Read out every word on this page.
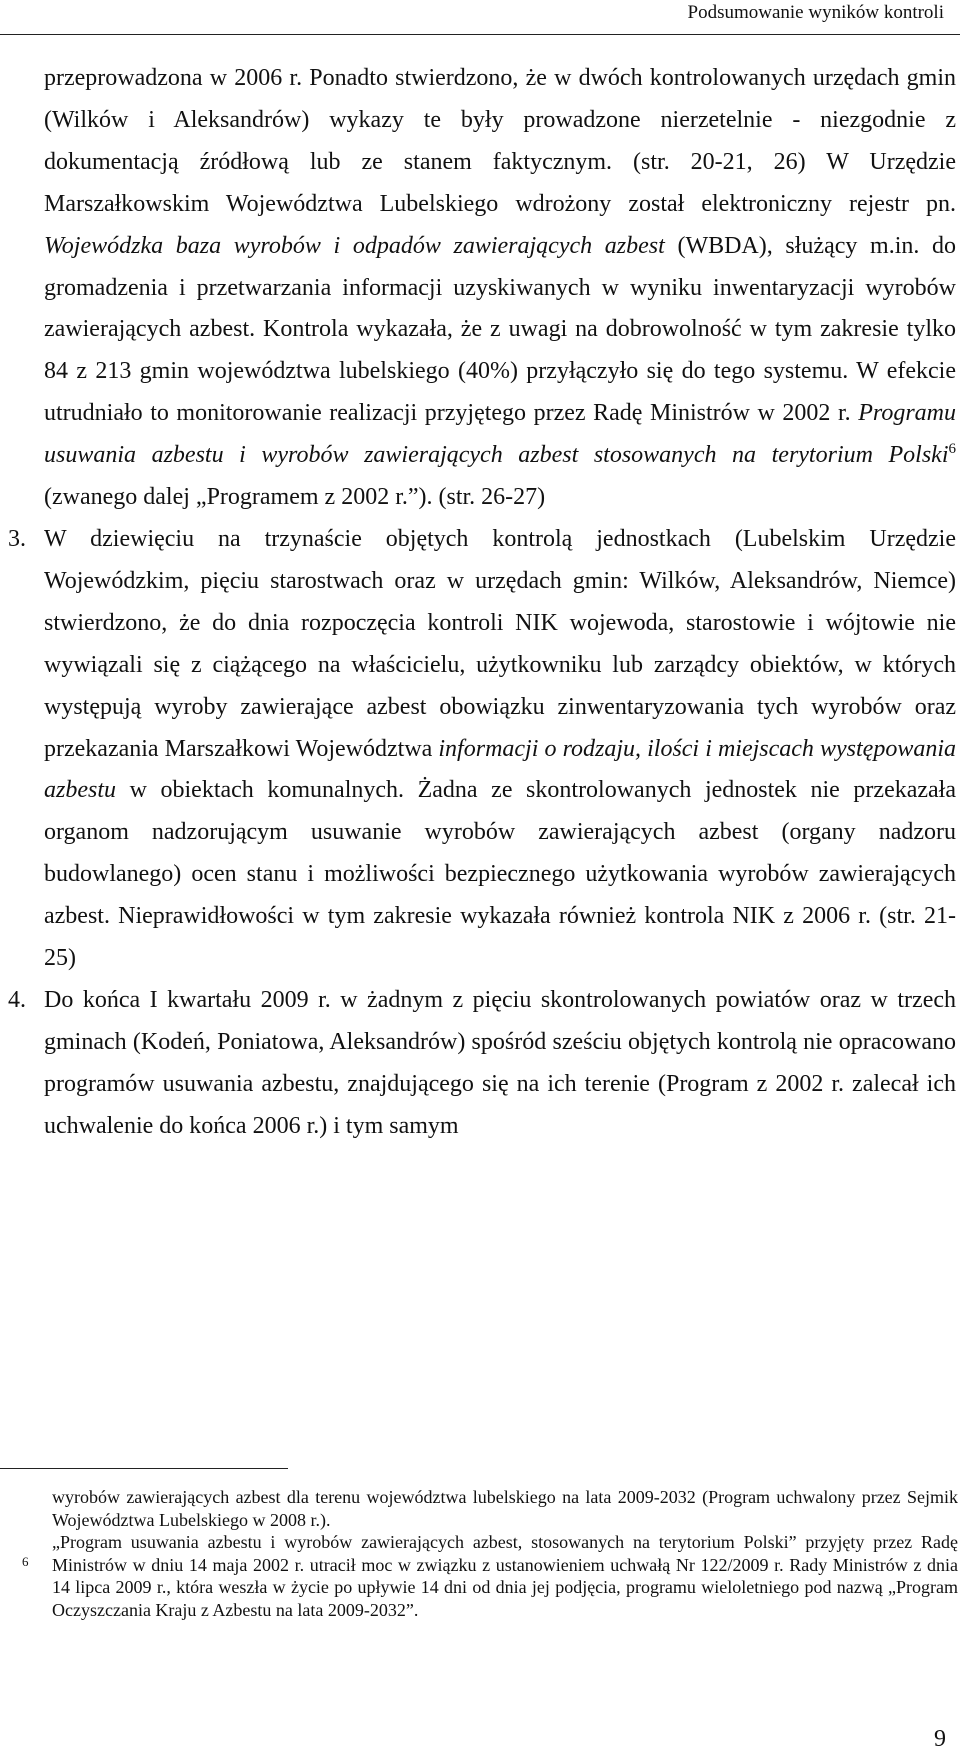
Podsumowanie wyników kontroli

przeprowadzona w 2006 r. Ponadto stwierdzono, że w dwóch kontrolowanych urzędach gmin (Wilków i Aleksandrów) wykazy te były prowadzone nierzetelnie - niezgodnie z dokumentacją źródłową lub ze stanem faktycznym. (str. 20-21, 26) W Urzędzie Marszałkowskim Województwa Lubelskiego wdrożony został elektroniczny rejestr pn. Wojewódzka baza wyrobów i odpadów zawierających azbest (WBDA), służący m.in. do gromadzenia i przetwarzania informacji uzyskiwanych w wyniku inwentaryzacji wyrobów zawierających azbest. Kontrola wykazała, że z uwagi na dobrowolność w tym zakresie tylko 84 z 213 gmin województwa lubelskiego (40%) przyłączyło się do tego systemu. W efekcie utrudniało to monitorowanie realizacji przyjętego przez Radę Ministrów w 2002 r. Programu usuwania azbestu i wyrobów zawierających azbest stosowanych na terytorium Polski$^6$ (zwanego dalej „Programem z 2002 r.”). (str. 26-27)

3. W dziewięciu na trzynaście objętych kontrolą jednostkach (Lubelskim Urzędzie Wojewódzkim, pięciu starostwach oraz w urzędach gmin: Wilków, Aleksandrów, Niemce) stwierdzono, że do dnia rozpoczęcia kontroli NIK wojewoda, starostowie i wójtowie nie wywiązali się z ciążącego na właścicielu, użytkowniku lub zarządcy obiektów, w których występują wyroby zawierające azbest obowiązku zinwentaryzowania tych wyrobów oraz przekazania Marszałkowi Województwa informacji o rodzaju, ilości i miejscach występowania azbestu w obiektach komunalnych. Żadna ze skontrolowanych jednostek nie przekazała organom nadzorującym usuwanie wyrobów zawierających azbest (organy nadzoru budowlanego) ocen stanu i możliwości bezpiecznego użytkowania wyrobów zawierających azbest. Nieprawidłowości w tym zakresie wykazała również kontrola NIK z 2006 r. (str. 21-25)

4. Do końca I kwartału 2009 r. w żadnym z pięciu skontrolowanych powiatów oraz w trzech gminach (Kodeń, Poniatowa, Aleksandrów) spośród sześciu objętych kontrolą nie opracowano programów usuwania azbestu, znajdującego się na ich terenie (Program z 2002 r. zalecał ich uchwalenie do końca 2006 r.) i tym samym

wyrobów zawierających azbest dla terenu województwa lubelskiego na lata 2009-2032 (Program uchwalony przez Sejmik Województwa Lubelskiego w 2008 r.).

6
„Program usuwania azbestu i wyrobów zawierających azbest, stosowanych na terytorium Polski” przyjęty przez Radę Ministrów w dniu 14 maja 2002 r. utracił moc w związku z ustanowieniem uchwałą Nr 122/2009 r. Rady Ministrów z dnia 14 lipca 2009 r., która weszła w życie po upływie 14 dni od dnia jej podjęcia, programu wieloletniego pod nazwą „Program Oczyszczania Kraju z Azbestu na lata 2009-2032”.
9
